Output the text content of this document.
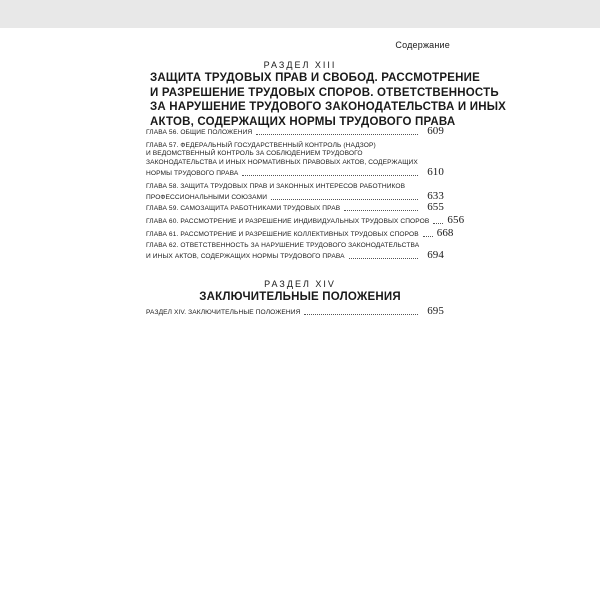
Содержание
РАЗДЕЛ XIII
ЗАЩИТА ТРУДОВЫХ ПРАВ И СВОБОД. РАССМОТРЕНИЕ
И РАЗРЕШЕНИЕ ТРУДОВЫХ СПОРОВ. ОТВЕТСТВЕННОСТЬ
ЗА НАРУШЕНИЕ ТРУДОВОГО ЗАКОНОДАТЕЛЬСТВА И ИНЫХ
АКТОВ, СОДЕРЖАЩИХ НОРМЫ ТРУДОВОГО ПРАВА
ГЛАВА 56. ОБЩИЕ ПОЛОЖЕНИЯ	609
ГЛАВА 57. ФЕДЕРАЛЬНЫЙ ГОСУДАРСТВЕННЫЙ КОНТРОЛЬ (НАДЗОР)
И ВЕДОМСТВЕННЫЙ КОНТРОЛЬ ЗА СОБЛЮДЕНИЕМ ТРУДОВОГО
ЗАКОНОДАТЕЛЬСТВА И ИНЫХ НОРМАТИВНЫХ ПРАВОВЫХ АКТОВ, СОДЕРЖАЩИХ
НОРМЫ ТРУДОВОГО ПРАВА	610
ГЛАВА 58. ЗАЩИТА ТРУДОВЫХ ПРАВ И ЗАКОННЫХ ИНТЕРЕСОВ РАБОТНИКОВ
ПРОФЕССИОНАЛЬНЫМИ СОЮЗАМИ	633
ГЛАВА 59. САМОЗАЩИТА РАБОТНИКАМИ ТРУДОВЫХ ПРАВ	655
ГЛАВА 60. РАССМОТРЕНИЕ И РАЗРЕШЕНИЕ ИНДИВИДУАЛЬНЫХ ТРУДОВЫХ СПОРОВ 656
ГЛАВА 61. РАССМОТРЕНИЕ И РАЗРЕШЕНИЕ КОЛЛЕКТИВНЫХ ТРУДОВЫХ СПОРОВ 668
ГЛАВА 62. ОТВЕТСТВЕННОСТЬ ЗА НАРУШЕНИЕ ТРУДОВОГО ЗАКОНОДАТЕЛЬСТВА
И ИНЫХ АКТОВ, СОДЕРЖАЩИХ НОРМЫ ТРУДОВОГО ПРАВА	694
РАЗДЕЛ XIV
ЗАКЛЮЧИТЕЛЬНЫЕ ПОЛОЖЕНИЯ
РАЗДЕЛ XIV. ЗАКЛЮЧИТЕЛЬНЫЕ ПОЛОЖЕНИЯ	695
